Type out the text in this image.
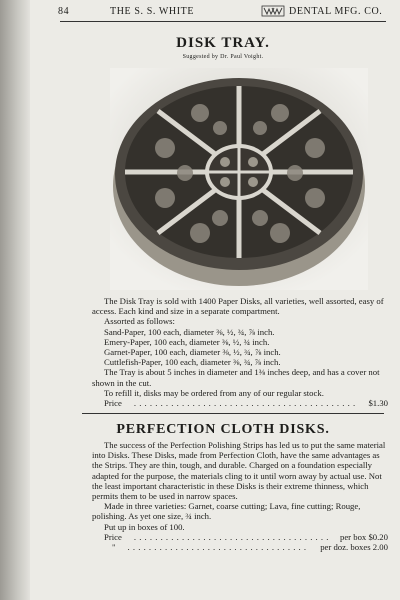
84	THE S. S. WHITE	DENTAL MFG. CO.
DISK TRAY.
Suggested by Dr. Paul Voight.

The Disk Tray is sold with 1400 Paper Disks, all varieties, well assorted, easy of access. Each kind and size in a separate compartment.

Assorted as follows:

Sand-Paper, 100 each, diameter ⅜, ½, ¾, ⅞ inch.

Emery-Paper, 100 each, diameter ⅜, ½, ¾ inch.

Garnet-Paper, 100 each, diameter ⅜, ½, ¾, ⅞ inch.

Cuttlefish-Paper, 100 each, diameter ⅜, ¾, ⅞ inch.

The Tray is about 5 inches in diameter and 1⅜ inches deep, and has a cover not shown in the cut.

To refill it, disks may be ordered from any of our regular stock.

Price . . .	$1.30

PERFECTION CLOTH DISKS.

The success of the Perfection Polishing Strips has led us to put the same material into Disks. These Disks, made from Perfection Cloth, have the same advantages as the Strips. They are thin, tough, and durable. Charged on a foundation especially adapted for the purpose, the materials cling to it until worn away by actual use. Not the least important characteristic in these Disks is their extreme thinness, which permits them to be used in narrow spaces.

Made in three varieties: Garnet, coarse cutting; Lava, fine cutting; Rouge, polishing. As yet one size, ¾ inch.

Put up in boxes of 100.

Price . . .	per box $0.20

" . . .	per doz. boxes 2.00
